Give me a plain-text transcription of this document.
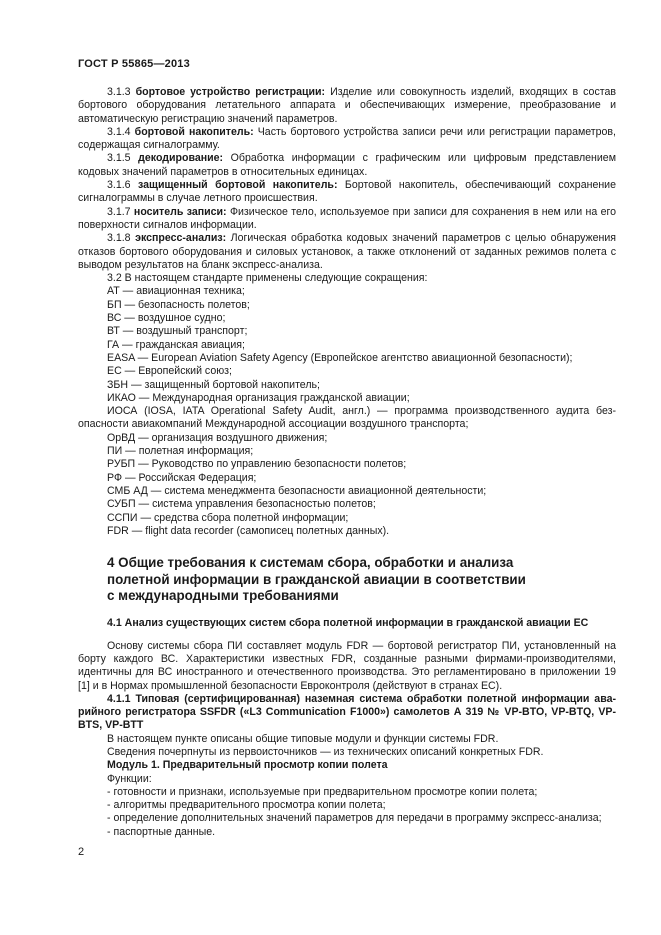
ГОСТ Р 55865—2013

3.1.3 бортовое устройство регистрации: Изделие или совокупность изделий, входящих в состав бортового оборудования летательного аппарата и обеспечивающих измерение, преобразование и автоматическую регистрацию значений параметров.

3.1.4 бортовой накопитель: Часть бортового устройства записи речи или регистрации параметров, содержащая сигналограмму.

3.1.5 декодирование: Обработка информации с графическим или цифровым представлением кодовых значений параметров в относительных единицах.

3.1.6 защищенный бортовой накопитель: Бортовой накопитель, обеспечивающий сохранение сигналограммы в случае летного происшествия.

3.1.7 носитель записи: Физическое тело, используемое при записи для сохранения в нем или на его поверхности сигналов информации.

3.1.8 экспресс-анализ: Логическая обработка кодовых значений параметров с целью обнаружения отказов бортового оборудования и силовых установок, а также отклонений от заданных режимов полета с выводом результатов на бланк экспресс-анализа.

3.2 В настоящем стандарте применены следующие сокращения:

АТ — авиационная техника;

БП — безопасность полетов;

ВС — воздушное судно;

ВТ — воздушный транспорт;

ГА — гражданская авиация;

EASA — European Aviation Safety Agency (Европейское агентство авиационной безопасности);

ЕС — Европейский союз;

ЗБН — защищенный бортовой накопитель;

ИКАО — Международная организация гражданской авиации;

ИОСА (IOSA, IATA Operational Safety Audit, англ.) — программа производственного аудита безопасности авиакомпаний Международной ассоциации воздушного транспорта;

ОрВД — организация воздушного движения;

ПИ — полетная информация;

РУБП — Руководство по управлению безопасности полетов;

РФ — Российская Федерация;

СМБ АД — система менеджмента безопасности авиационной деятельности;

СУБП — система управления безопасностью полетов;

ССПИ — средства сбора полетной информации;

FDR — flight data recorder (самописец полетных данных).

4 Общие требования к системам сбора, обработки и анализа
полетной информации в гражданской авиации в соответствии
с международными требованиями

4.1 Анализ существующих систем сбора полетной информации в гражданской авиации ЕС

Основу системы сбора ПИ составляет модуль FDR — бортовой регистратор ПИ, установленный на борту каждого ВС. Характеристики известных FDR, созданные разными фирмами-производителями, идентичны для ВС иностранного и отечественного производства. Это регламентировано в приложении 19 [1] и в Нормах промышленной безопасности Евроконтроля (действуют в странах ЕС).

4.1.1 Типовая (сертифицированная) наземная система обработки полетной информации аварийного регистратора SSFDR («L3 Communication F1000») самолетов А 319 № VP-BTO, VP-BTQ, VP-BTS, VP-BTT

В настоящем пункте описаны общие типовые модули и функции системы FDR.

Сведения почерпнуты из первоисточников — из технических описаний конкретных FDR.

Модуль 1. Предварительный просмотр копии полета

Функции:

- готовности и признаки, используемые при предварительном просмотре копии полета;

- алгоритмы предварительного просмотра копии полета;

- определение дополнительных значений параметров для передачи в программу экспресс-анализа;

- паспортные данные.

2
